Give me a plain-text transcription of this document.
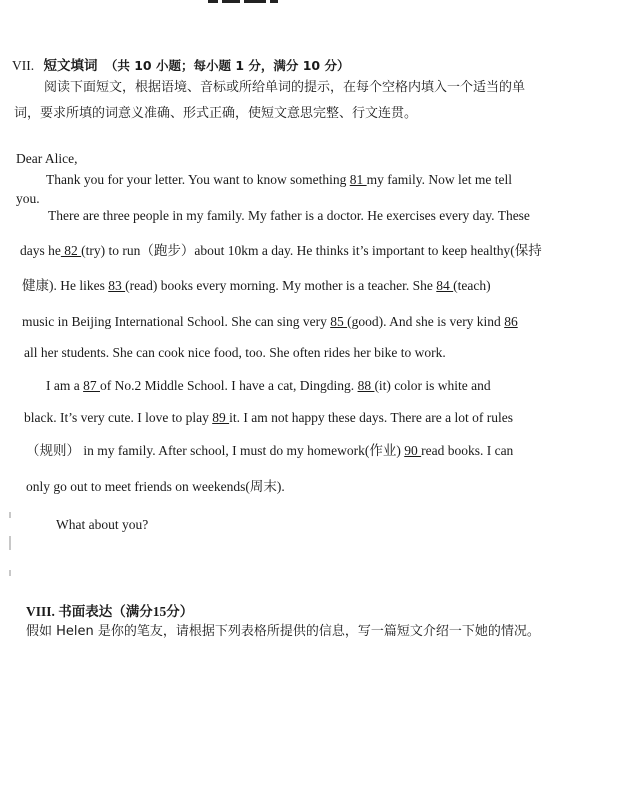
VII. 短文填词 （共 10 小题；每小题 1 分，满分 10 分）
阅读下面短文，根据语境、音标或所给单词的提示，在每个空格内填入一个适当的单
词，要求所填的词意义准确、形式正确，使短文意思完整、行文连贯。
Dear Alice,
Thank you for your letter. You want to know something 81 my family. Now let me tell
you.
There are three people in my family. My father is a doctor. He exercises every day. These
days he 82 (try) to run（跑步）about 10km a day. He thinks it’s important to keep healthy(保持
健康). He likes 83 (read) books every morning. My mother is a teacher. She 84 (teach)
music in Beijing International School. She can sing very 85 (good). And she is very kind 86
all her students. She can cook nice food, too. She often rides her bike to work.
I am a 87 of No.2 Middle School. I have a cat, Dingding. 88 (it) color is white and
black. It’s very cute. I love to play 89 it. I am not happy these days. There are a lot of rules
（规则） in my family. After school, I must do my homework(作业) 90 read books. I can
only go out to meet friends on weekends(周末).
What about you?
VIII. 书面表达（满分15分）
假如 Helen 是你的笔友，请根据下列表格所提供的信息，写一篇短文介绍一下她的情况。
